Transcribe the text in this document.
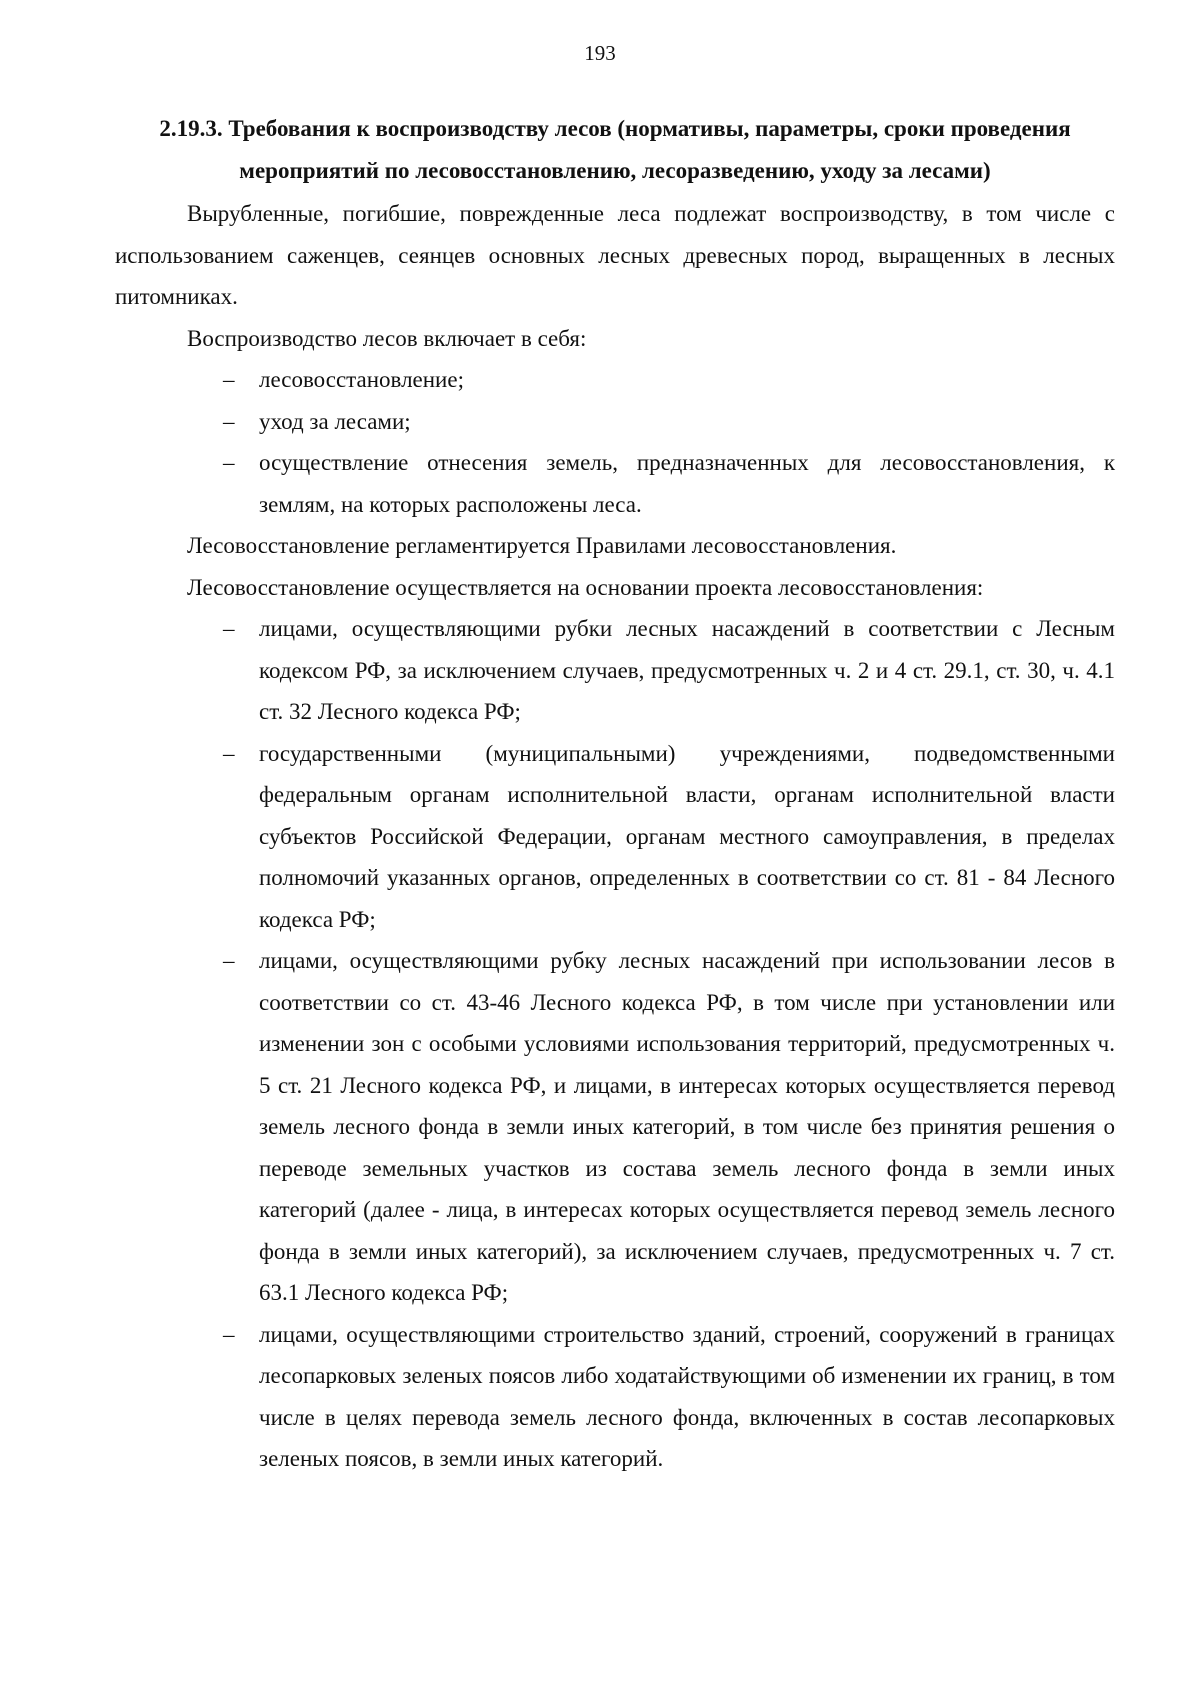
193
2.19.3. Требования к воспроизводству лесов (нормативы, параметры, сроки проведения
мероприятий по лесовосстановлению, лесоразведению, уходу за лесами)

Вырубленные, погибшие, поврежденные леса подлежат воспроизводству, в том числе с использованием саженцев, сеянцев основных лесных древесных пород, выращенных в лесных питомниках.

Воспроизводство лесов включает в себя:

– лесовосстановление;
– уход за лесами;
– осуществление отнесения земель, предназначенных для лесовосстановления, к землям, на которых расположены леса.

Лесовосстановление регламентируется Правилами лесовосстановления.

Лесовосстановление осуществляется на основании проекта лесовосстановления:

– лицами, осуществляющими рубки лесных насаждений в соответствии с Лесным кодексом РФ, за исключением случаев, предусмотренных ч. 2 и 4 ст. 29.1, ст. 30, ч. 4.1 ст. 32 Лесного кодекса РФ;
– государственными (муниципальными) учреждениями, подведомственными федеральным органам исполнительной власти, органам исполнительной власти субъектов Российской Федерации, органам местного самоуправления, в пределах полномочий указанных органов, определенных в соответствии со ст. 81 - 84 Лесного кодекса РФ;
– лицами, осуществляющими рубку лесных насаждений при использовании лесов в соответствии со ст. 43-46 Лесного кодекса РФ, в том числе при установлении или изменении зон с особыми условиями использования территорий, предусмотренных ч. 5 ст. 21 Лесного кодекса РФ, и лицами, в интересах которых осуществляется перевод земель лесного фонда в земли иных категорий, в том числе без принятия решения о переводе земельных участков из состава земель лесного фонда в земли иных категорий (далее - лица, в интересах которых осуществляется перевод земель лесного фонда в земли иных категорий), за исключением случаев, предусмотренных ч. 7 ст. 63.1 Лесного кодекса РФ;
– лицами, осуществляющими строительство зданий, строений, сооружений в границах лесопарковых зеленых поясов либо ходатайствующими об изменении их границ, в том числе в целях перевода земель лесного фонда, включенных в состав лесопарковых зеленых поясов, в земли иных категорий.
